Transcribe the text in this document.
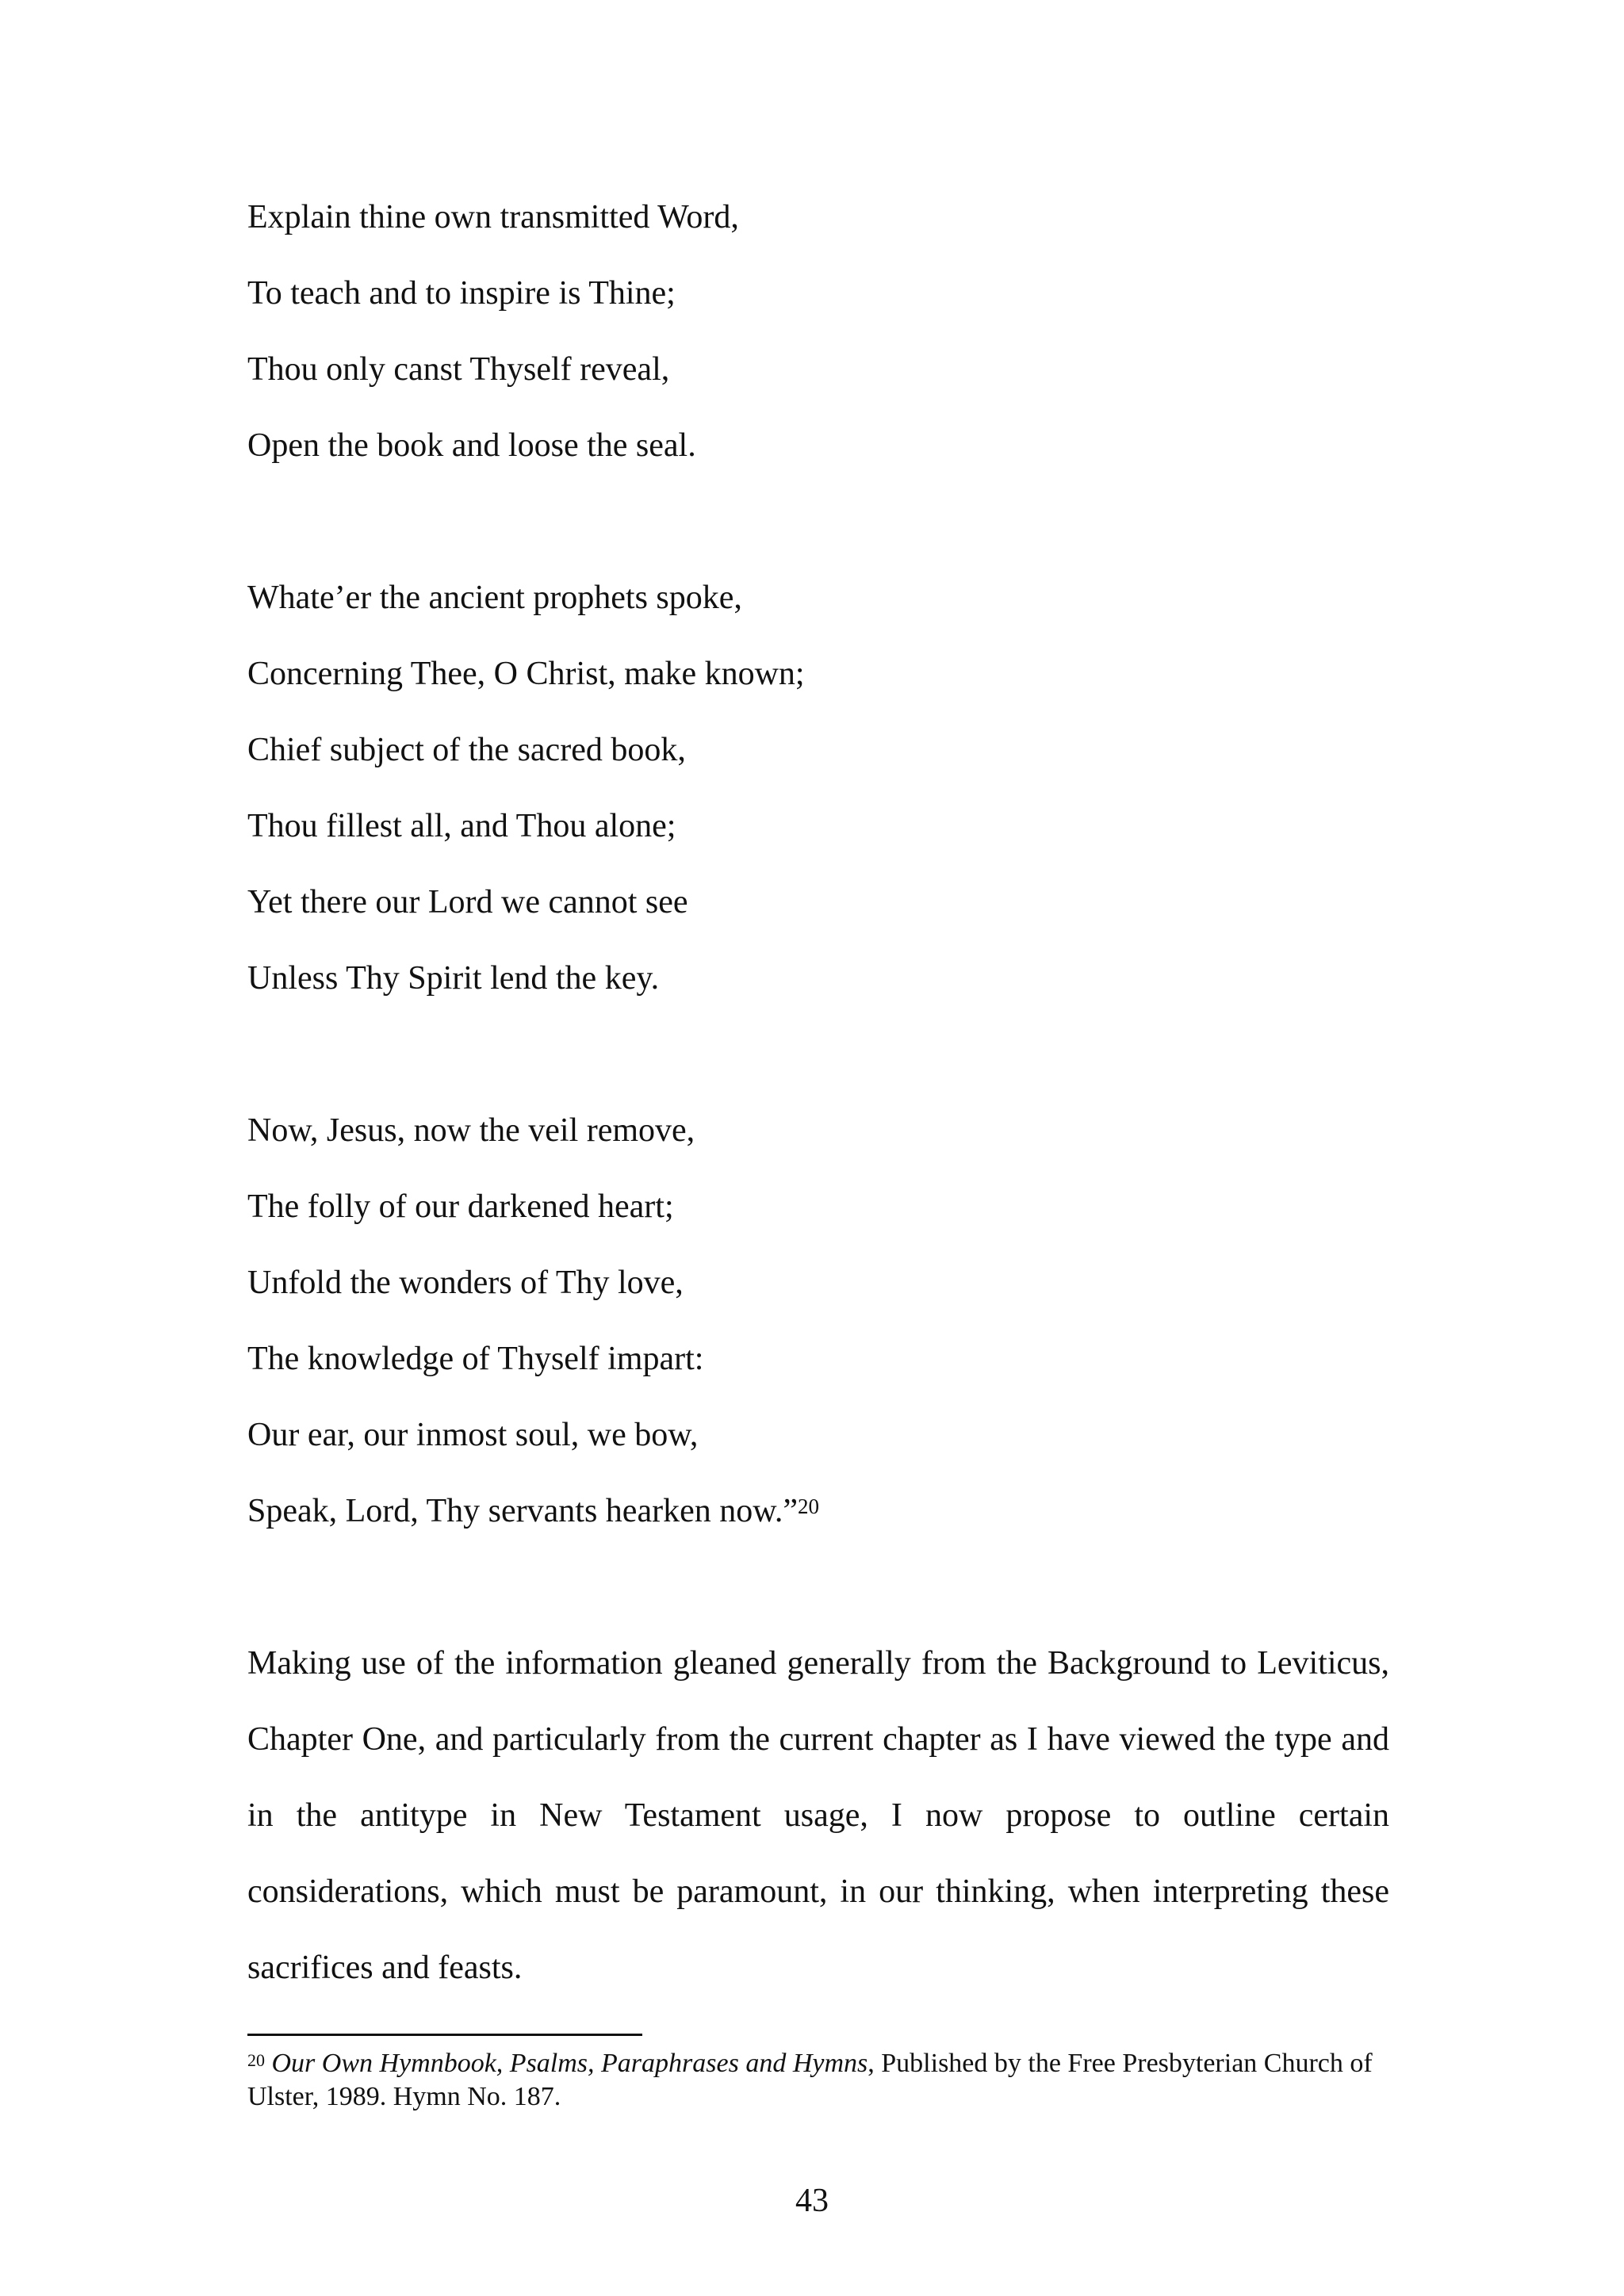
Explain thine own transmitted Word,
To teach and to inspire is Thine;
Thou only canst Thyself reveal,
Open the book and loose the seal.
Whate’er the ancient prophets spoke,
Concerning Thee, O Christ, make known;
Chief subject of the sacred book,
Thou fillest all, and Thou alone;
Yet there our Lord we cannot see
Unless Thy Spirit lend the key.
Now, Jesus, now the veil remove,
The folly of our darkened heart;
Unfold the wonders of Thy love,
The knowledge of Thyself impart:
Our ear, our inmost soul, we bow,
Speak, Lord, Thy servants hearken now.”$^{20}$

Making use of the information gleaned generally from the Background to Leviticus, Chapter One, and particularly from the current chapter as I have viewed the type and in the antitype in New Testament usage, I now propose to outline certain considerations, which must be paramount, in our thinking, when interpreting these sacrifices and feasts.

$^{20}$ Our Own Hymnbook, Psalms, Paraphrases and Hymns, Published by the Free Presbyterian Church of Ulster, 1989. Hymn No. 187.

43
